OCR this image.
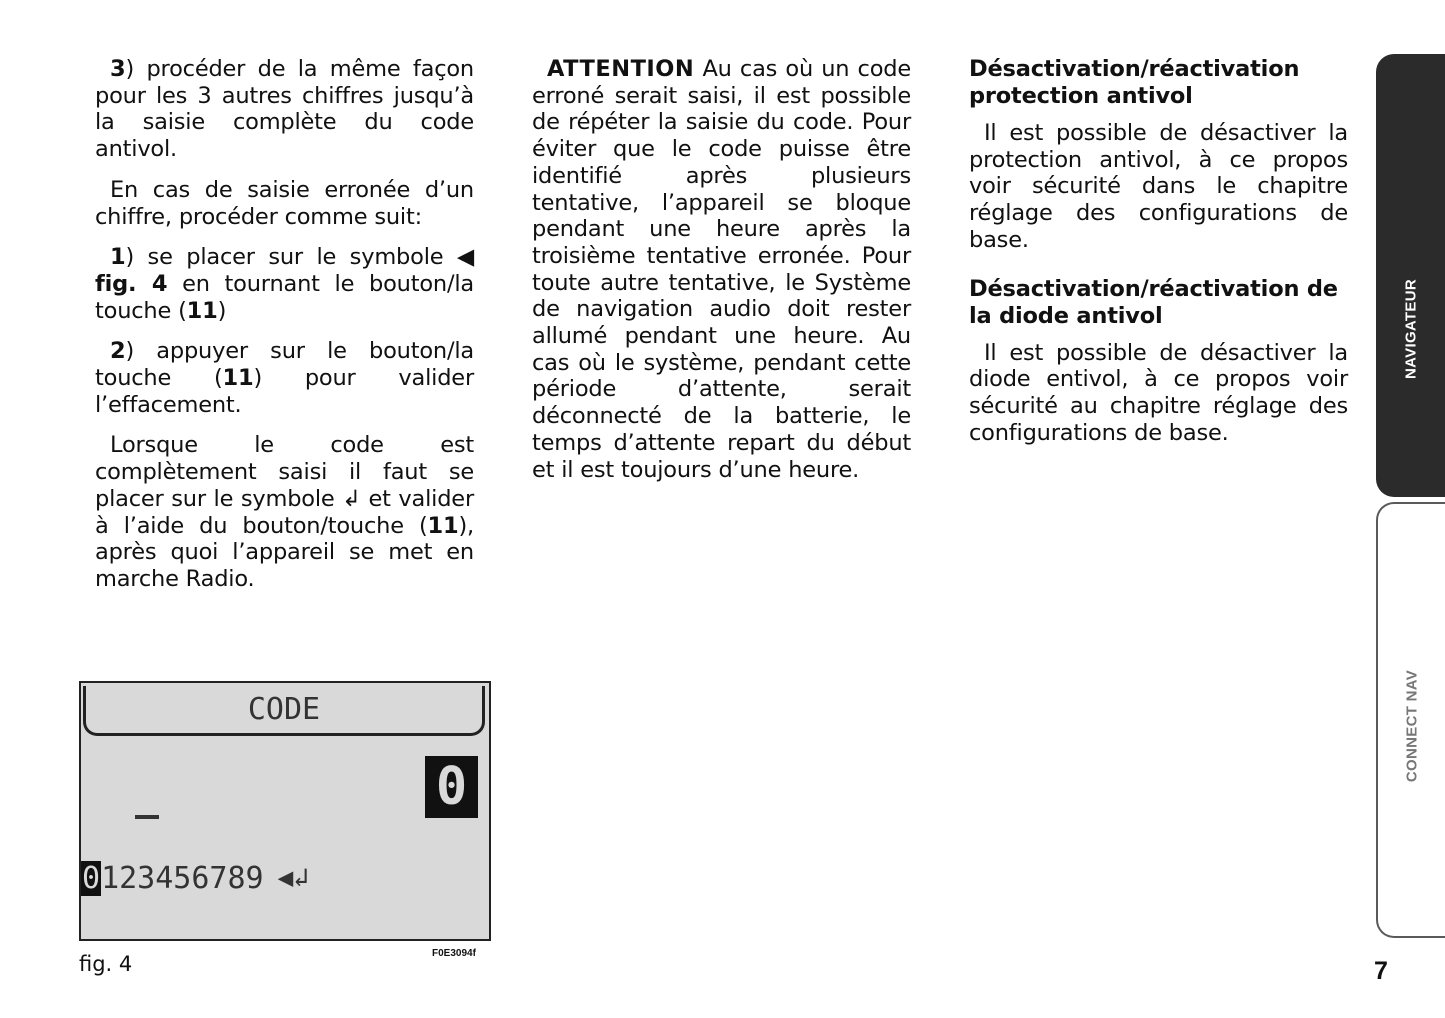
3) procéder de la même façon pour les 3 autres chiffres jusqu’à la saisie complète du code antivol.

En cas de saisie erronée d’un chiffre, procéder comme suit:

1) se placer sur le symbole ◀ fig. 4 en tournant le bouton/la touche (11)

2) appuyer sur le bouton/la touche (11) pour valider l’effacement.

Lorsque le code est complètement saisi il faut se placer sur le symbole ↲ et valider à l’aide du bouton/touche (11), après quoi l’appareil se met en marche Radio.

ATTENTION Au cas où un code erroné serait saisi, il est possible de répéter la saisie du code. Pour éviter que le code puisse être identifié après plusieurs tentative, l’appareil se bloque pendant une heure après la troisième tentative erronée. Pour toute autre tentative, le Système de navigation audio doit rester allumé pendant une heure. Au cas où le système, pendant cette période d’attente, serait déconnecté de la batterie, le temps d’attente repart du début et il est toujours d’une heure.

Désactivation/réactivation protection antivol

Il est possible de désactiver la protection antivol, à ce propos voir sécurité dans le chapitre réglage des configurations de base.

Désactivation/réactivation de la diode antivol

Il est possible de désactiver la diode entivol, à ce propos voir sécurité au chapitre réglage des configurations de base.

CODE
0
0 123456789 ◀↲
fig. 4	F0E3094f
NAVIGATEUR
CONNECT NAV
7
